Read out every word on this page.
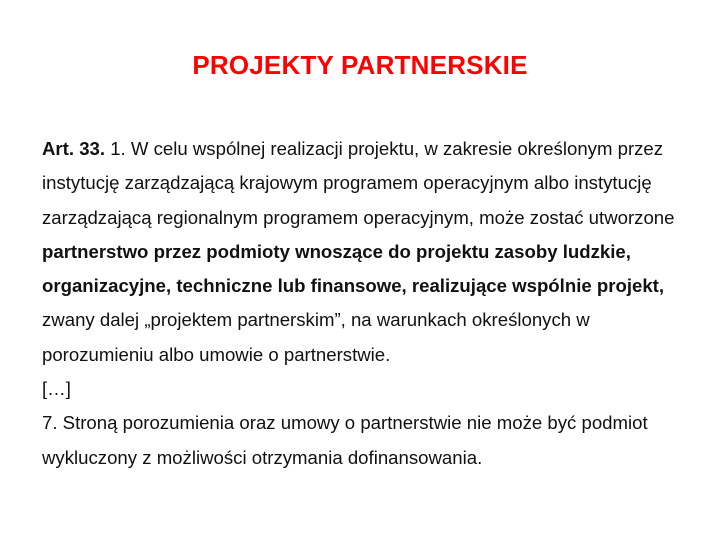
PROJEKTY PARTNERSKIE

Art. 33. 1. W celu wspólnej realizacji projektu, w zakresie określonym przez instytucję zarządzającą krajowym programem operacyjnym albo instytucję zarządzającą regionalnym programem operacyjnym, może zostać utworzone partnerstwo przez podmioty wnoszące do projektu zasoby ludzkie, organizacyjne, techniczne lub finansowe, realizujące wspólnie projekt,

zwany dalej „projektem partnerskim”, na warunkach określonych w porozumieniu albo umowie o partnerstwie.

[…]

7. Stroną porozumienia oraz umowy o partnerstwie nie może być podmiot wykluczony z możliwości otrzymania dofinansowania.
